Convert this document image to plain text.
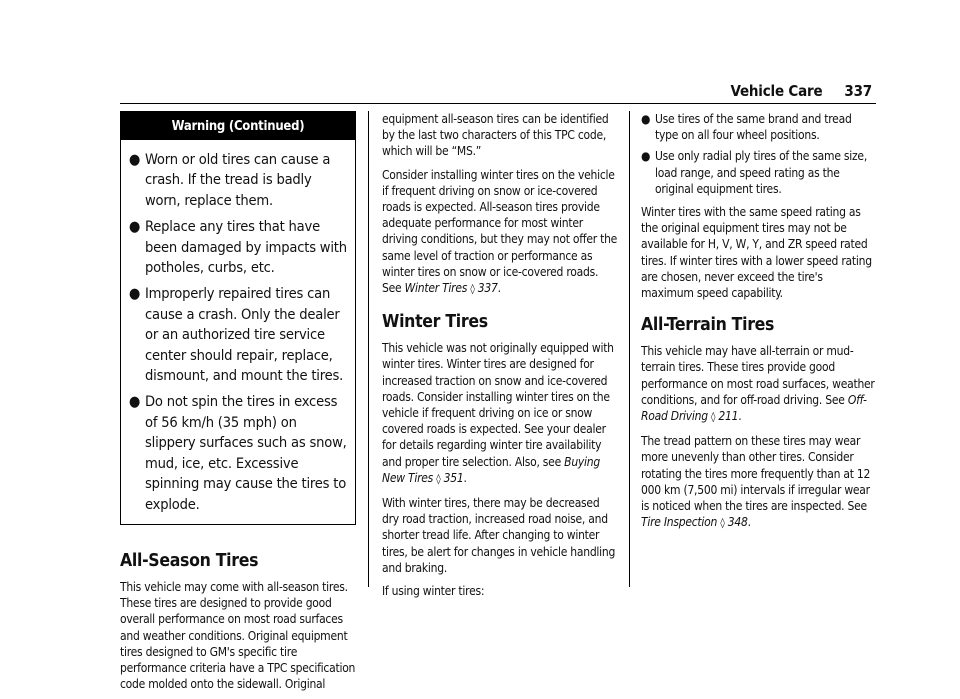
Vehicle Care 337
Warning (Continued)
● Worn or old tires can cause a crash. If the tread is badly worn, replace them.
● Replace any tires that have been damaged by impacts with potholes, curbs, etc.
● Improperly repaired tires can cause a crash. Only the dealer or an authorized tire service center should repair, replace, dismount, and mount the tires.
● Do not spin the tires in excess of 56 km/h (35 mph) on slippery surfaces such as snow, mud, ice, etc. Excessive spinning may cause the tires to explode.
All-Season Tires

This vehicle may come with all-season tires. These tires are designed to provide good overall performance on most road surfaces and weather conditions. Original equipment tires designed to GM's specific tire performance criteria have a TPC specification code molded onto the sidewall. Original

equipment all-season tires can be identified by the last two characters of this TPC code, which will be “MS.”

Consider installing winter tires on the vehicle if frequent driving on snow or ice-covered roads is expected. All-season tires provide adequate performance for most winter driving conditions, but they may not offer the same level of traction or performance as winter tires on snow or ice-covered roads. See Winter Tires ◊ 337.

Winter Tires

This vehicle was not originally equipped with winter tires. Winter tires are designed for increased traction on snow and ice-covered roads. Consider installing winter tires on the vehicle if frequent driving on ice or snow covered roads is expected. See your dealer for details regarding winter tire availability and proper tire selection. Also, see Buying New Tires ◊ 351.

With winter tires, there may be decreased dry road traction, increased road noise, and shorter tread life. After changing to winter tires, be alert for changes in vehicle handling and braking.

If using winter tires:

● Use tires of the same brand and tread type on all four wheel positions.
● Use only radial ply tires of the same size, load range, and speed rating as the original equipment tires.

Winter tires with the same speed rating as the original equipment tires may not be available for H, V, W, Y, and ZR speed rated tires. If winter tires with a lower speed rating are chosen, never exceed the tire's maximum speed capability.

All-Terrain Tires

This vehicle may have all-terrain or mud-terrain tires. These tires provide good performance on most road surfaces, weather conditions, and for off-road driving. See Off-Road Driving ◊ 211.

The tread pattern on these tires may wear more unevenly than other tires. Consider rotating the tires more frequently than at 12 000 km (7,500 mi) intervals if irregular wear is noticed when the tires are inspected. See Tire Inspection ◊ 348.
